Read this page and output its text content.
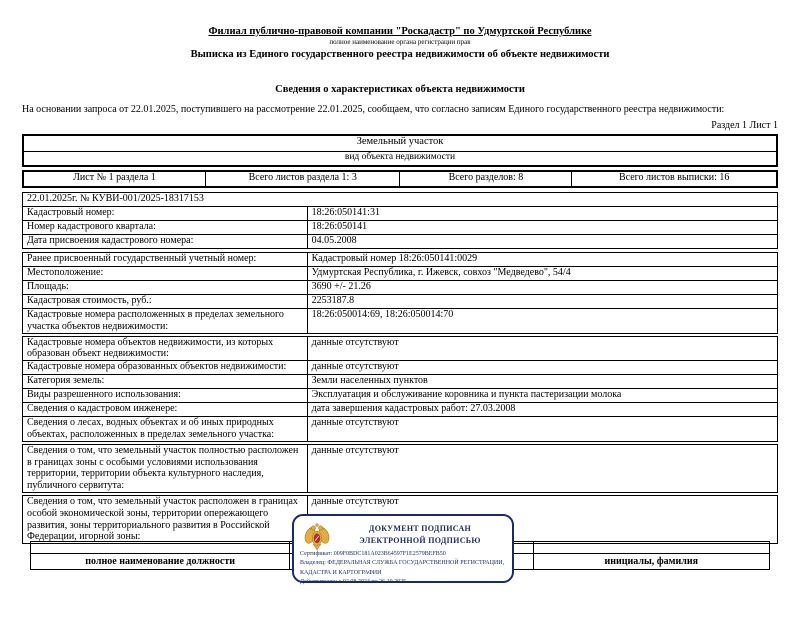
Филиал публично-правовой компании "Роскадастр" по Удмуртской Республике
полное наименование органа регистрации прав
Выписка из Единого государственного реестра недвижимости об объекте недвижимости
Сведения о характеристиках объекта недвижимости
На основании запроса от 22.01.2025, поступившего на рассмотрение 22.01.2025, сообщаем, что согласно записям Единого государственного реестра недвижимости:
Раздел 1 Лист 1
Земельный участок
вид объекта недвижимости
Лист № 1 раздела 1	Всего листов раздела 1: 3	Всего разделов: 8	Всего листов выписки: 16
22.01.2025г. № КУВИ-001/2025-18317153	
Кадастровый номер:	18:26:050141:31
Номер кадастрового квартала:	18:26:050141
Дата присвоения кадастрового номера:	04.05.2008
Ранее присвоенный государственный учетный номер:	Кадастровый номер 18:26:050141:0029
Местоположение:	Удмуртская Республика, г. Ижевск, совхоз "Медведево", 54/4
Площадь:	3690 +/- 21.26
Кадастровая стоимость, руб.:	2253187.8
Кадастровые номера расположенных в пределах земельного участка объектов недвижимости:	18:26:050014:69, 18:26:050014:70
Кадастровые номера объектов недвижимости, из которых образован объект недвижимости:	данные отсутствуют
Кадастровые номера образованных объектов недвижимости:	данные отсутствуют
Категория земель:	Земли населенных пунктов
Виды разрешенного использования:	Эксплуатация и обслуживание коровника и пункта пастеризации молока
Сведения о кадастровом инженере:	дата завершения кадастровых работ: 27.03.2008
Сведения о лесах, водных объектах и об иных природных объектах, расположенных в пределах земельного участка:	данные отсутствуют
Сведения о том, что земельный участок полностью расположен в границах зоны с особыми условиями использования территории, территории объекта культурного наследия, публичного сервитута:	данные отсутствуют
Сведения о том, что земельный участок расположен в границах особой экономической зоны, территории опережающего развития, зоны территориального развития в Российской Федерации, игорной зоны:	данные отсутствуют

полное наименование должности		инициалы, фамилия
ДОКУМЕНТ ПОДПИСАН
ЭЛЕКТРОННОЙ ПОДПИСЬЮ
Сертификат: 009F0BDC181A023B64597F1E2579BEFB50
Владелец: ФЕДЕРАЛЬНАЯ СЛУЖБА ГОСУДАРСТВЕННОЙ РЕГИСТРАЦИИ, КАДАСТРА И КАРТОГРАФИИ
Действителен: с 02.08.2024 по 26.10.2025
